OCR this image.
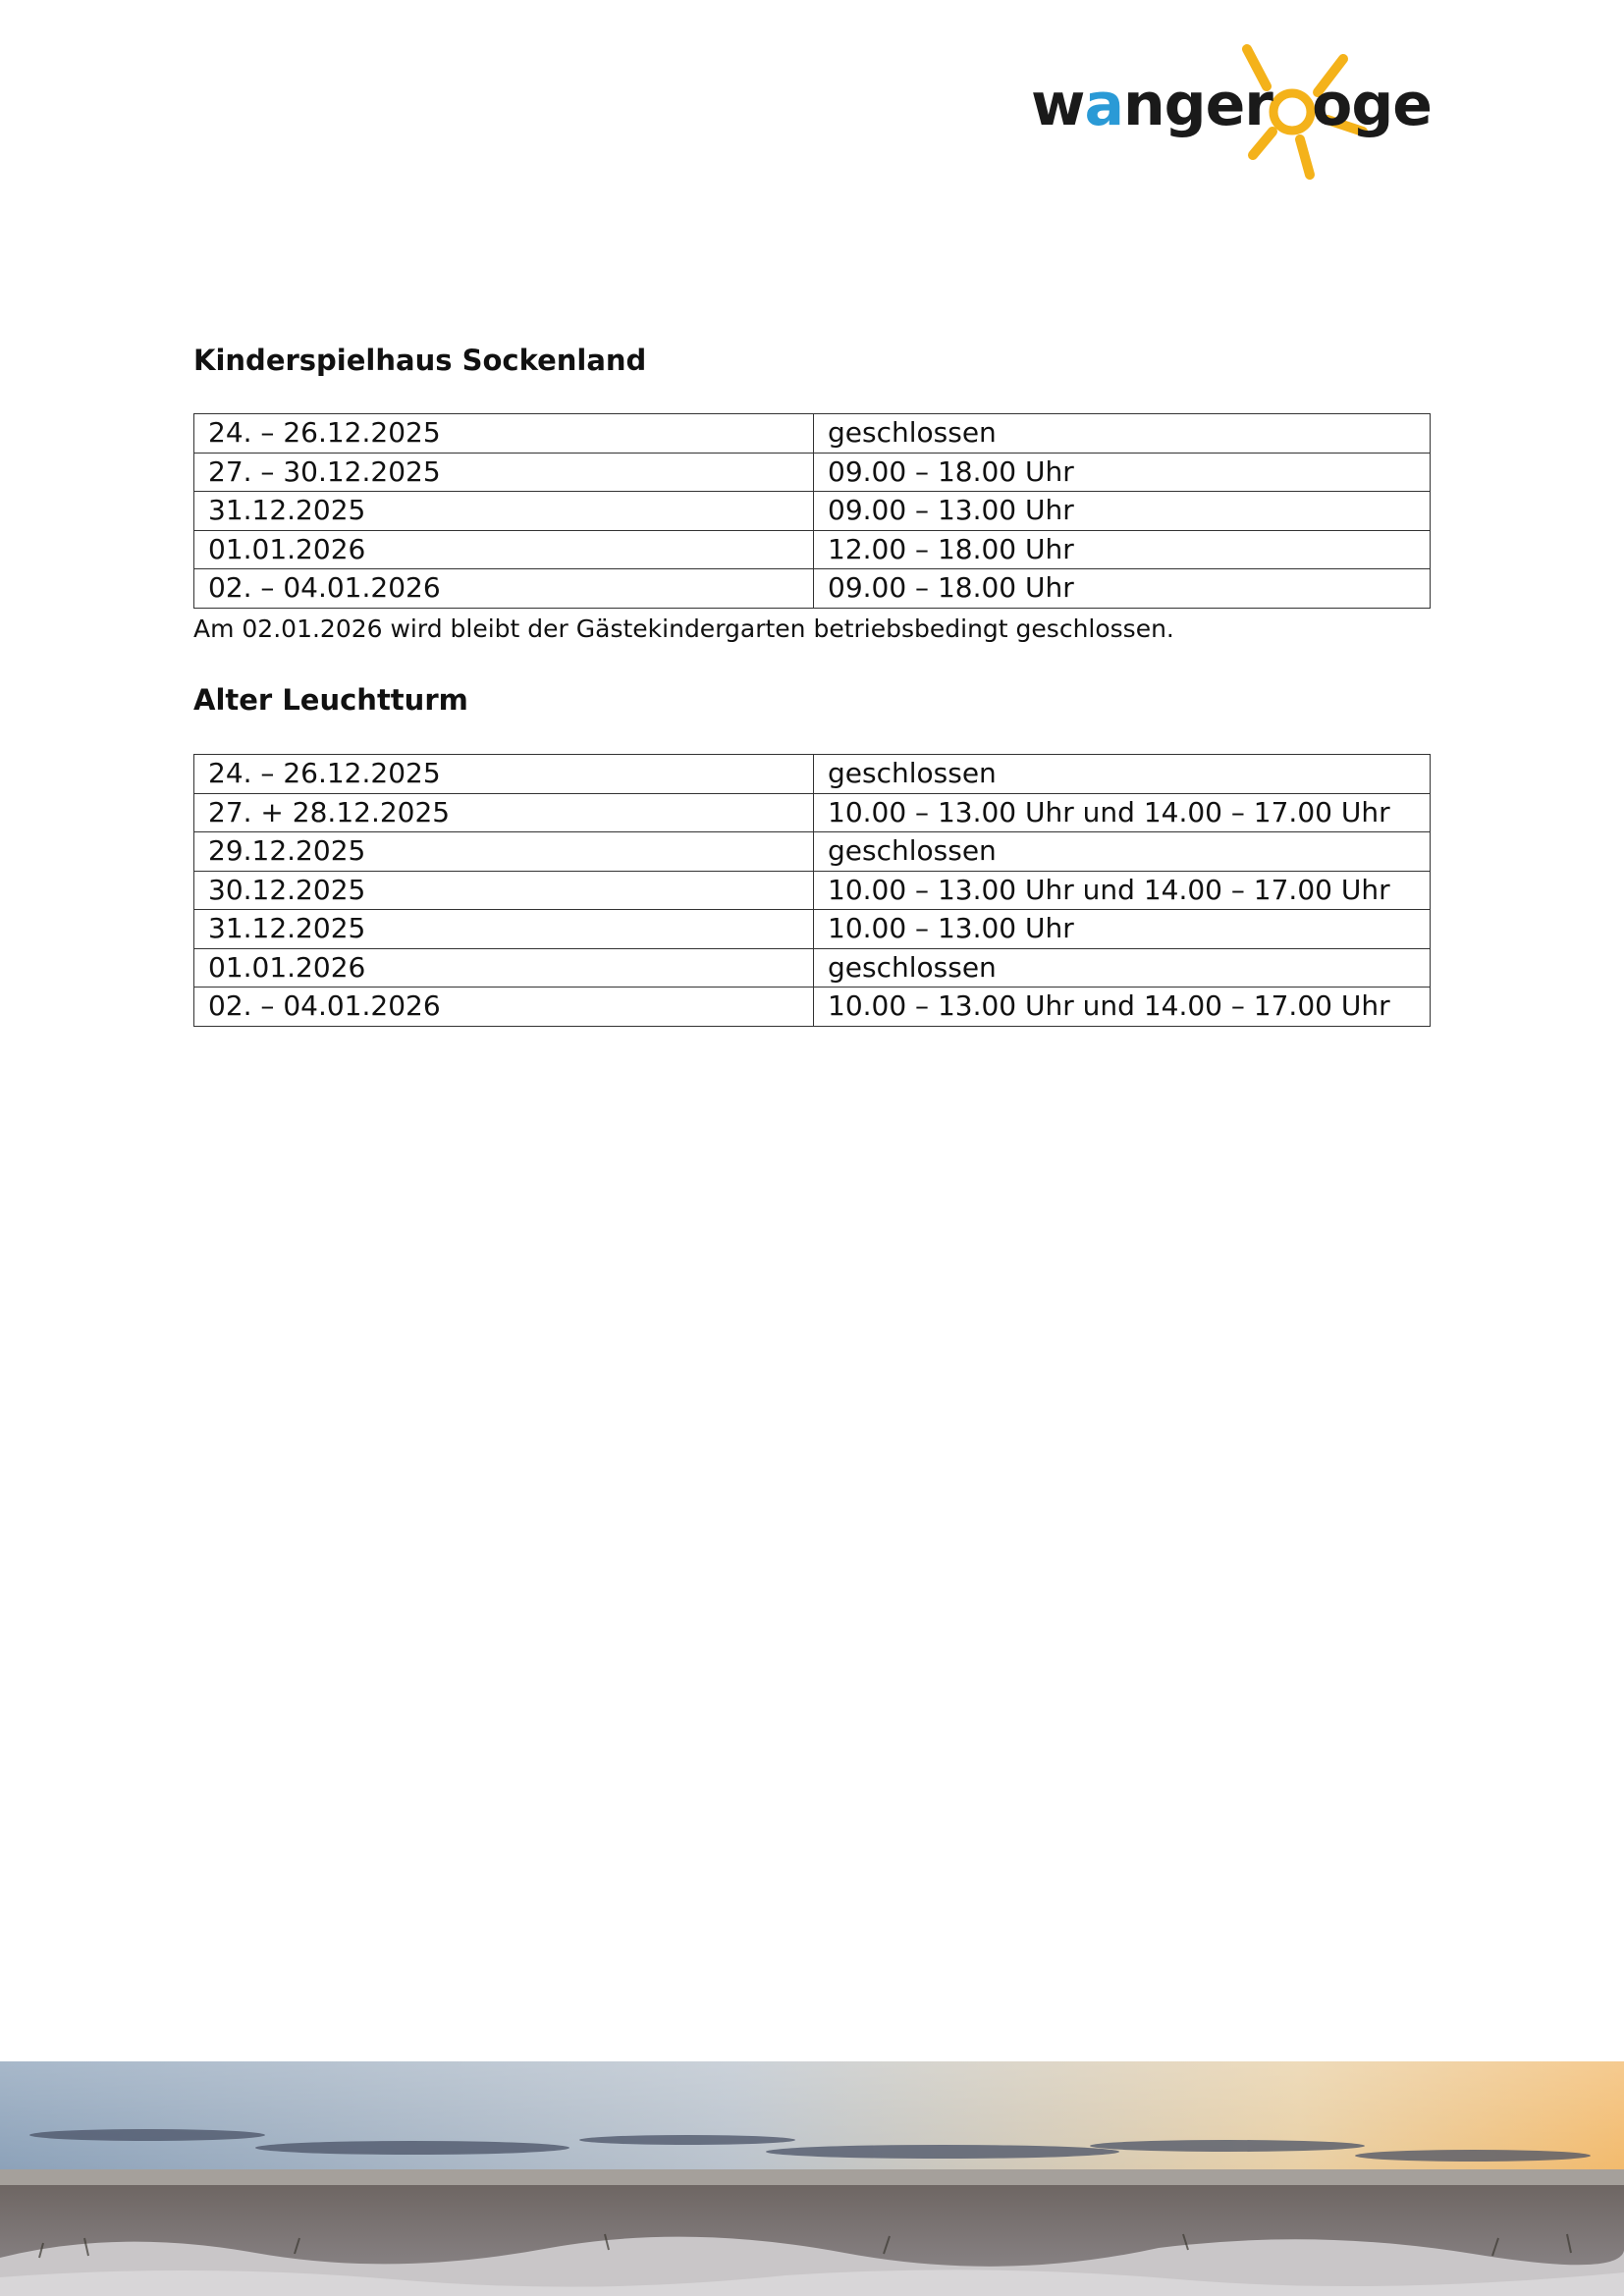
wanger oge
Kinderspielhaus Sockenland
24. – 26.12.2025	geschlossen
27. – 30.12.2025	09.00 – 18.00 Uhr
31.12.2025	09.00 – 13.00 Uhr
01.01.2026	12.00 – 18.00 Uhr
02. – 04.01.2026	09.00 – 18.00 Uhr

Am 02.01.2026 wird bleibt der Gästekindergarten betriebsbedingt geschlossen.

Alter Leuchtturm
24. – 26.12.2025	geschlossen
27. + 28.12.2025	10.00 – 13.00 Uhr und 14.00 – 17.00 Uhr
29.12.2025	geschlossen
30.12.2025	10.00 – 13.00 Uhr und 14.00 – 17.00 Uhr
31.12.2025	10.00 – 13.00 Uhr
01.01.2026	geschlossen
02. – 04.01.2026	10.00 – 13.00 Uhr und 14.00 – 17.00 Uhr
